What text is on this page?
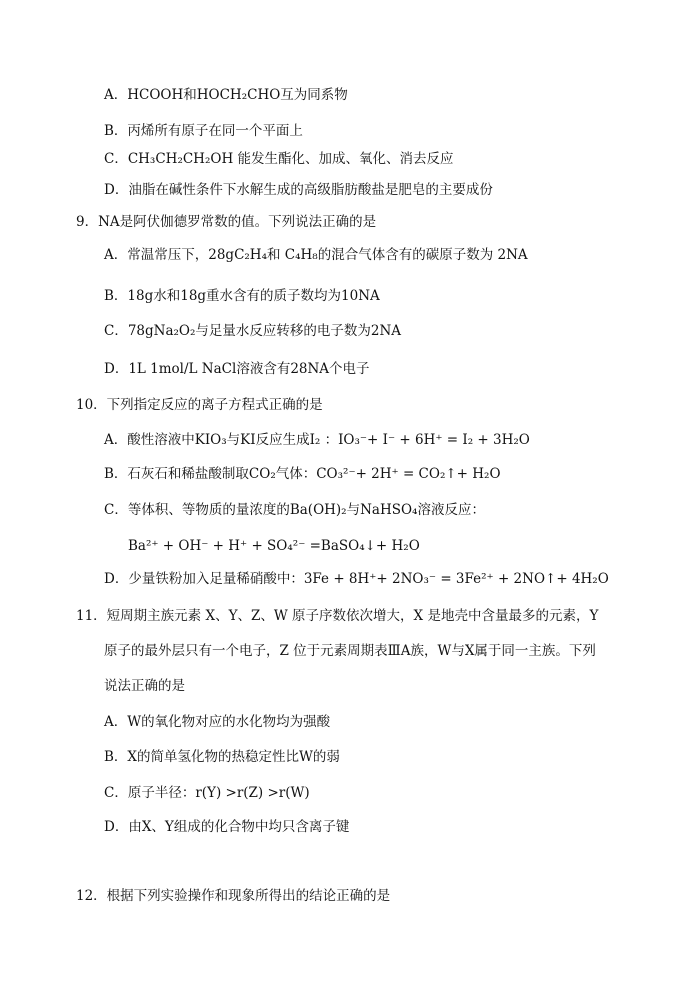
A．HCOOH和HOCH₂CHO互为同系物
B．丙烯所有原子在同一个平面上
C．CH₃CH₂CH₂OH 能发生酯化、加成、氧化、消去反应
D．油脂在碱性条件下水解生成的高级脂肪酸盐是肥皂的主要成份
9．NA是阿伏伽德罗常数的值。下列说法正确的是
A．常温常压下，28gC₂H₄和 C₄H₈的混合气体含有的碳原子数为 2NA
B．18g水和18g重水含有的质子数均为10NA
C．78gNa₂O₂与足量水反应转移的电子数为2NA
D．1L 1mol/L NaCl溶液含有28NA个电子
10．下列指定反应的离子方程式正确的是
A．酸性溶液中KIO₃与KI反应生成I₂ ：IO₃⁻+ I⁻ + 6H⁺ = I₂ + 3H₂O
B．石灰石和稀盐酸制取CO₂气体：CO₃²⁻+ 2H⁺ = CO₂↑+ H₂O
C．等体积、等物质的量浓度的Ba(OH)₂与NaHSO₄溶液反应：
Ba²⁺ + OH⁻ + H⁺ + SO₄²⁻ =BaSO₄↓+ H₂O
D．少量铁粉加入足量稀硝酸中：3Fe + 8H⁺+ 2NO₃⁻ = 3Fe²⁺ + 2NO↑+ 4H₂O
11．短周期主族元素 X、Y、Z、W 原子序数依次增大，X 是地壳中含量最多的元素，Y
原子的最外层只有一个电子，Z 位于元素周期表ⅢA族，W与X属于同一主族。下列
说法正确的是
A．W的氧化物对应的水化物均为强酸
B．X的简单氢化物的热稳定性比W的弱
C．原子半径：r(Y) >r(Z) >r(W)
D．由X、Y组成的化合物中均只含离子键
12．根据下列实验操作和现象所得出的结论正确的是
